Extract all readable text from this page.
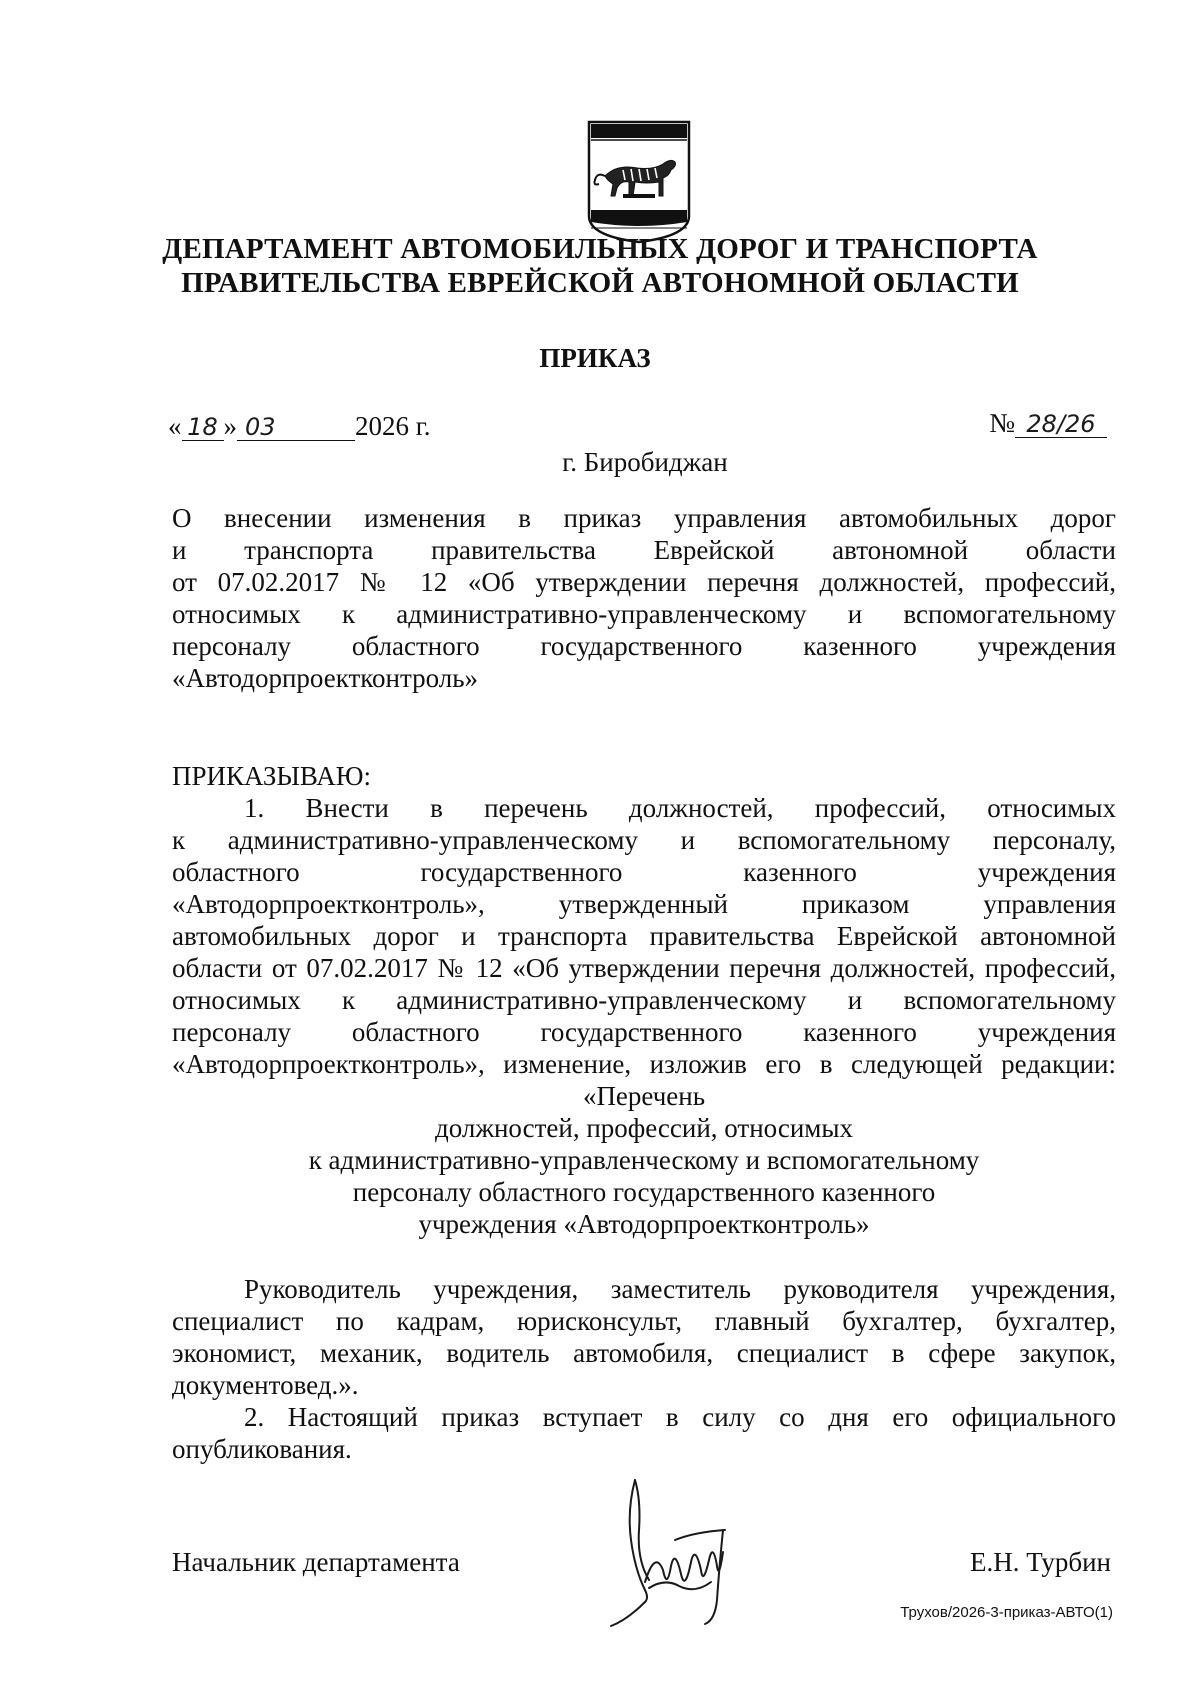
ДЕПАРТАМЕНТ АВТОМОБИЛЬНЫХ ДОРОГ И ТРАНСПОРТА
ПРАВИТЕЛЬСТВА ЕВРЕЙСКОЙ АВТОНОМНОЙ ОБЛАСТИ
ПРИКАЗ
« 18 » 03	2026 г.	№ 28/26
г. Биробиджан
О внесении изменения в приказ управления автомобильных дорог
и транспорта правительства Еврейской автономной области
от 07.02.2017 № 12 «Об утверждении перечня должностей, профессий,
относимых к административно-управленческому и вспомогательному
персоналу областного государственного казенного учреждения
«Автодорпроектконтроль»
ПРИКАЗЫВАЮ:
1. Внести в перечень должностей, профессий, относимых
к административно-управленческому и вспомогательному персоналу,
областного государственного казенного учреждения
«Автодорпроектконтроль», утвержденный приказом управления
автомобильных дорог и транспорта правительства Еврейской автономной
области от 07.02.2017 № 12 «Об утверждении перечня должностей, профессий,
относимых к административно-управленческому и вспомогательному
персоналу областного государственного казенного учреждения
«Автодорпроектконтроль», изменение, изложив его в следующей редакции:
«Перечень
должностей, профессий, относимых
к административно-управленческому и вспомогательному
персоналу областного государственного казенного
учреждения «Автодорпроектконтроль»
Руководитель учреждения, заместитель руководителя учреждения,
специалист по кадрам, юрисконсульт, главный бухгалтер, бухгалтер,
экономист, механик, водитель автомобиля, специалист в сфере закупок,
документовед.».
2. Настоящий приказ вступает в силу со дня его официального
опубликования.
Начальник департамента	Е.Н. Турбин
Трухов/2026-3-приказ-АВТО(1)
